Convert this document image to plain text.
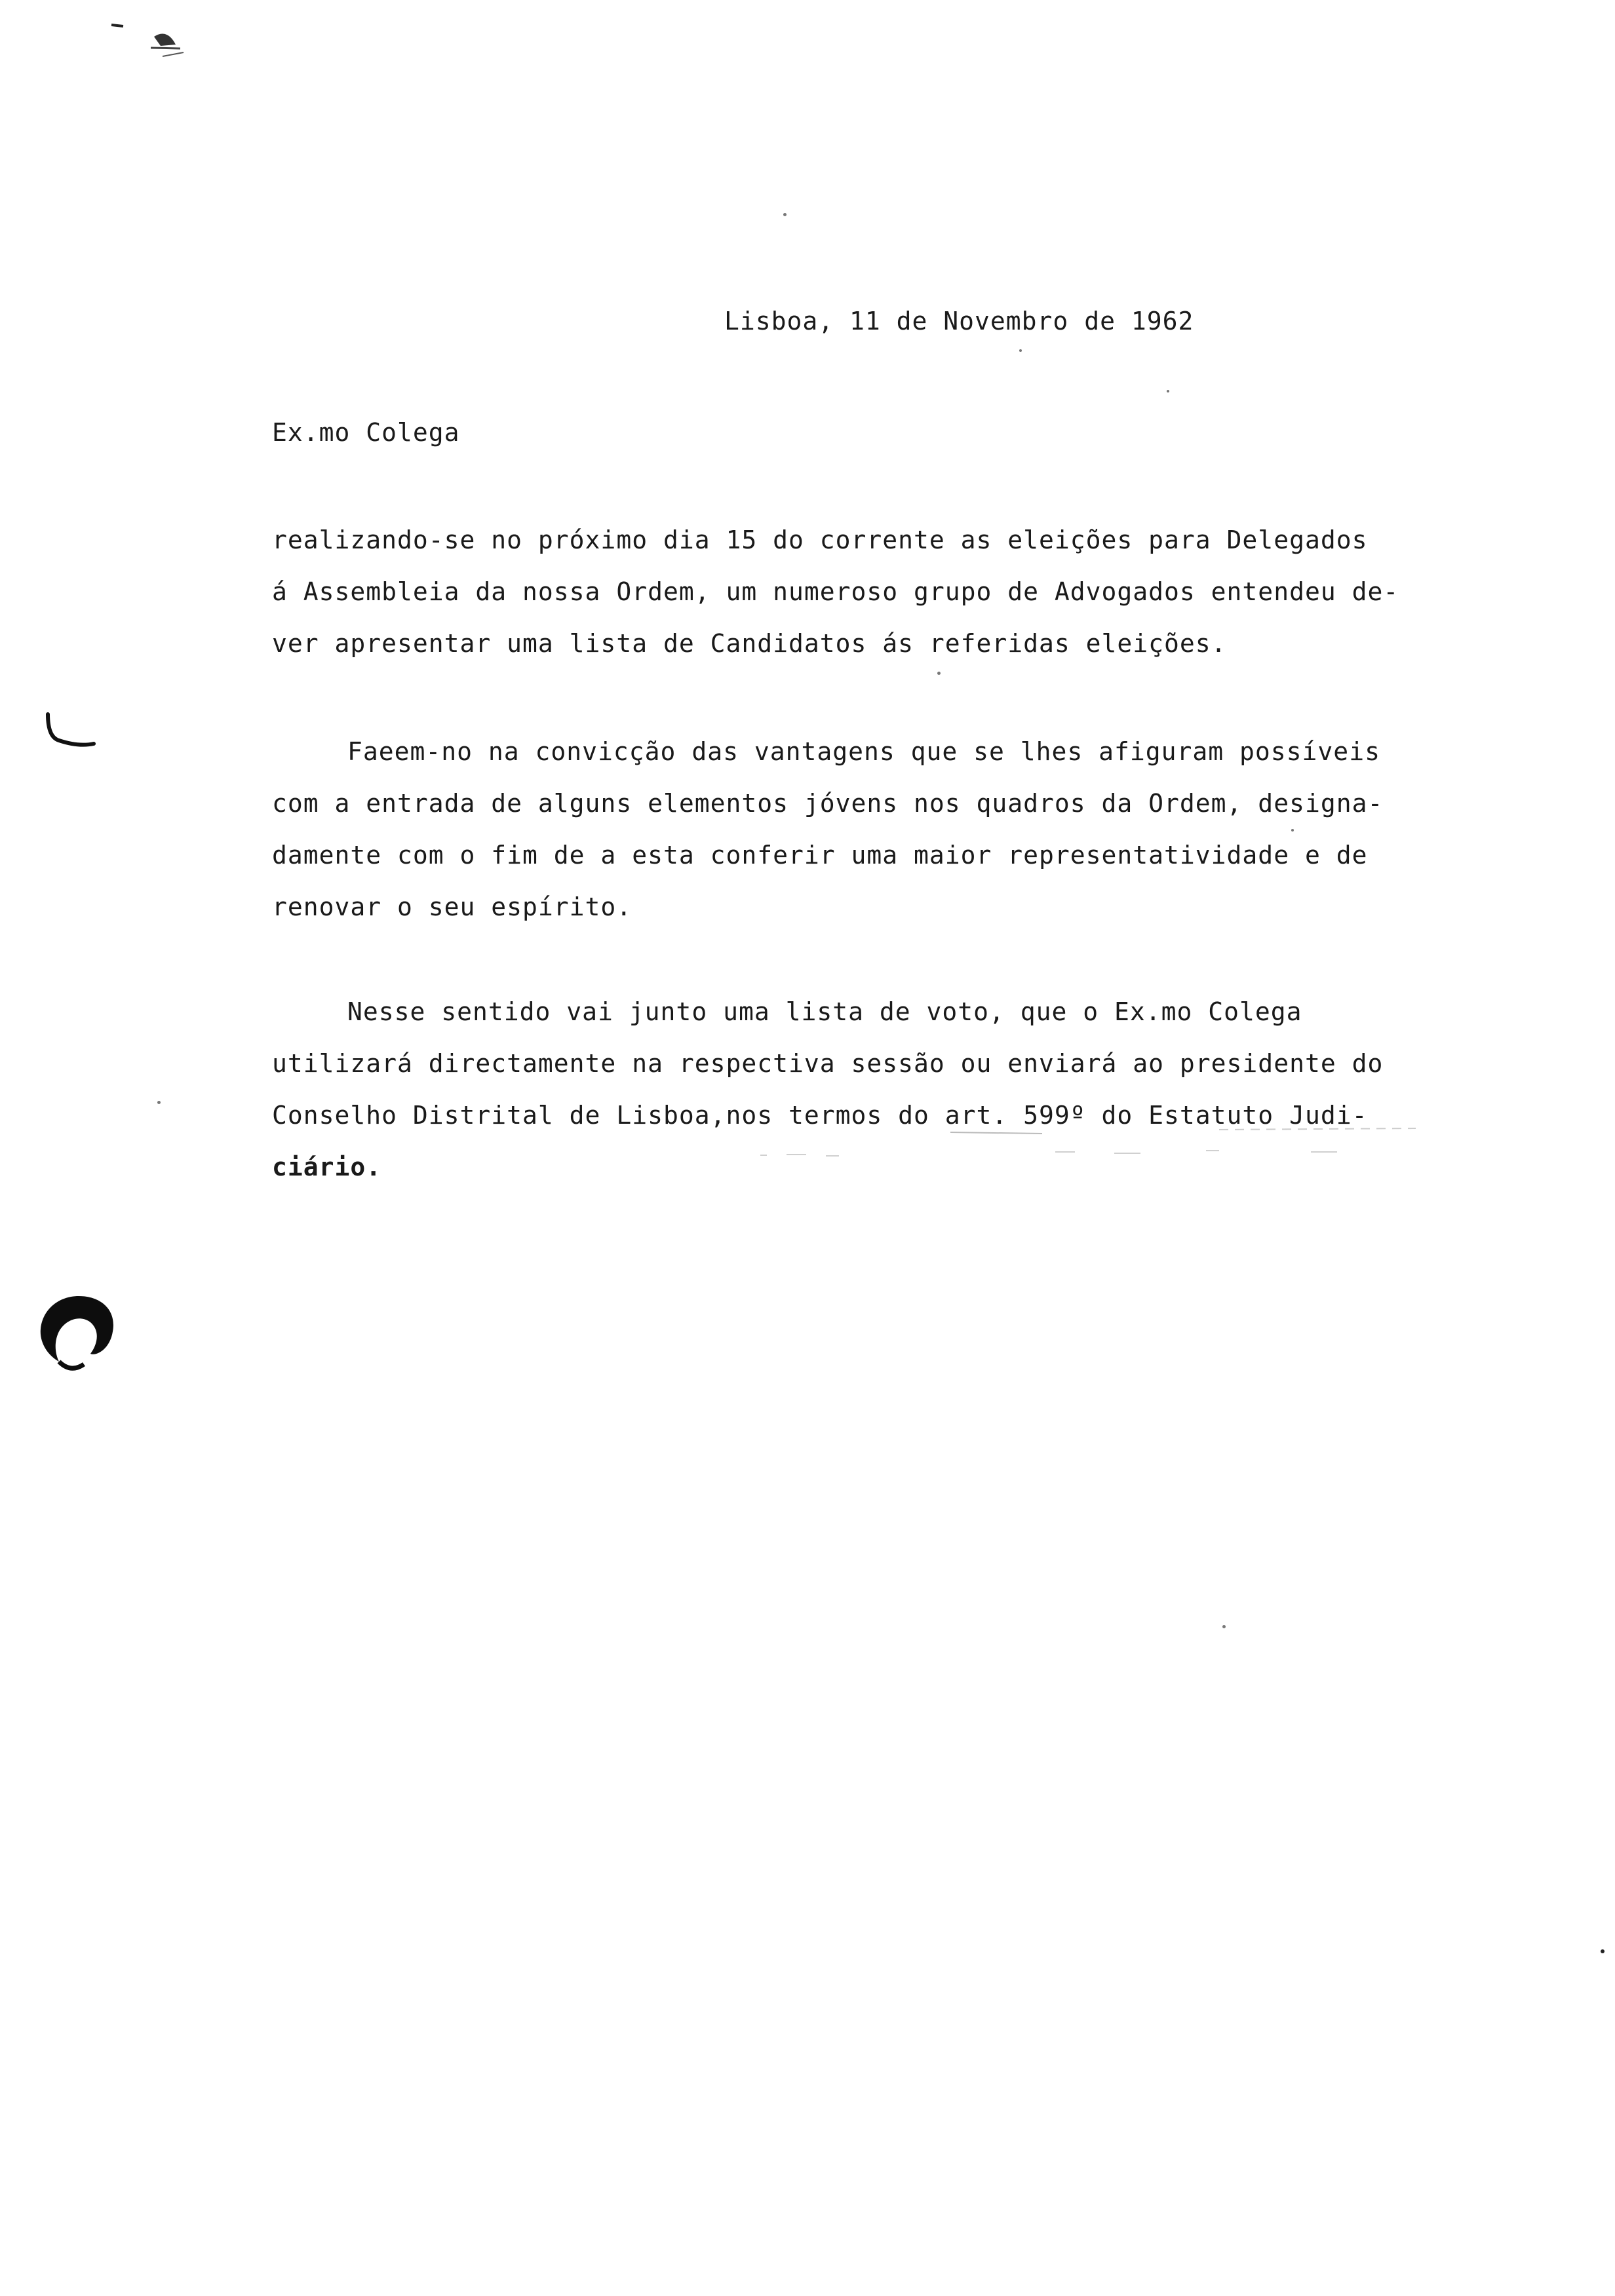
Lisboa, 11 de Novembro de 1962
Ex.mo Colega
realizando-se no próximo dia 15 do corrente as eleições para Delegados
á Assembleia da nossa Ordem, um numeroso grupo de Advogados entendeu de-
ver apresentar uma lista de Candidatos ás referidas eleições.
Faeem-no na convicção das vantagens que se lhes afiguram possíveis
com a entrada de alguns elementos jóvens nos quadros da Ordem, designa-
damente com o fim de a esta conferir uma maior representatividade e de
renovar o seu espírito.
Nesse sentido vai junto uma lista de voto, que o Ex.mo Colega
utilizará directamente na respectiva sessão ou enviará ao presidente do
Conselho Distrital de Lisboa,nos termos do art. 599º do Estatuto Judi-
ciário.
